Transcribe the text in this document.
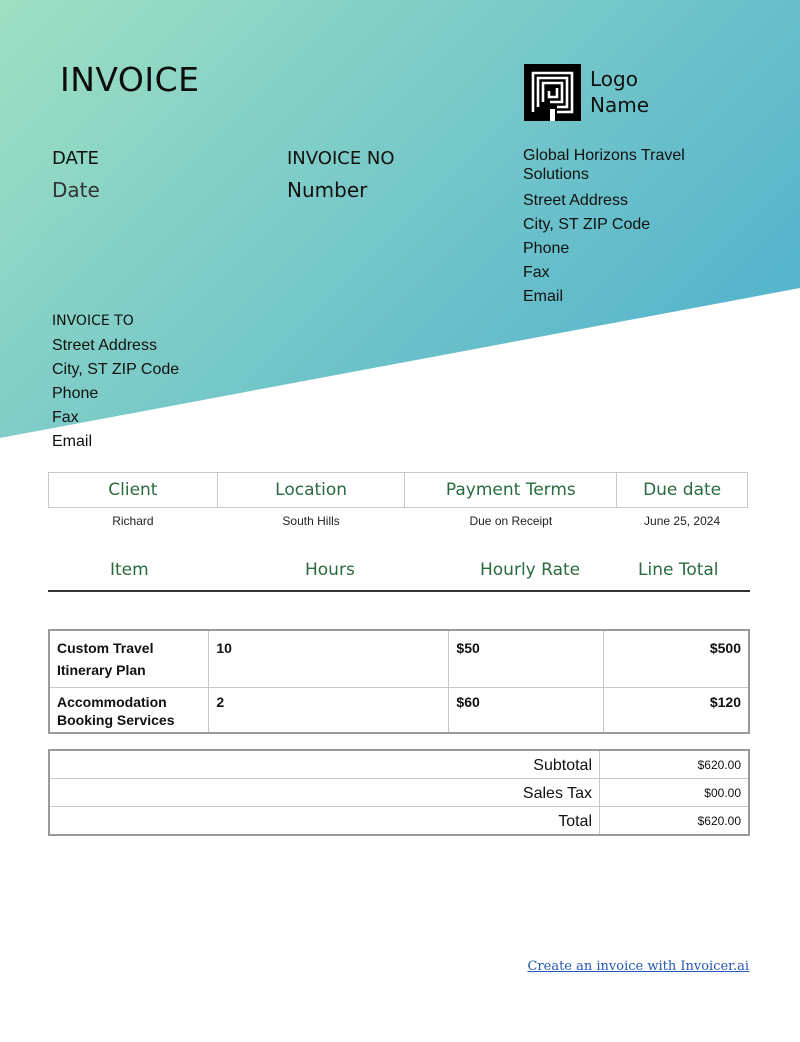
INVOICE	Logo
Name
DATE
Date
INVOICE NO
Number
Global Horizons Travel Solutions
Street Address
City, ST ZIP Code
Phone
Fax
Email
INVOICE TO
Street Address
City, ST ZIP Code
Phone
Fax
Email
Client	Location	Payment Terms	Due date
Richard	South Hills	Due on Receipt	June 25, 2024
Item	Hours	Hourly Rate	Line Total
Custom Travel Itinerary Plan	10	$50	$500
Accommodation Booking Services	2	$60	$120
Subtotal	$620.00
Sales Tax	$00.00
Total	$620.00
Create an invoice with Invoicer.ai
